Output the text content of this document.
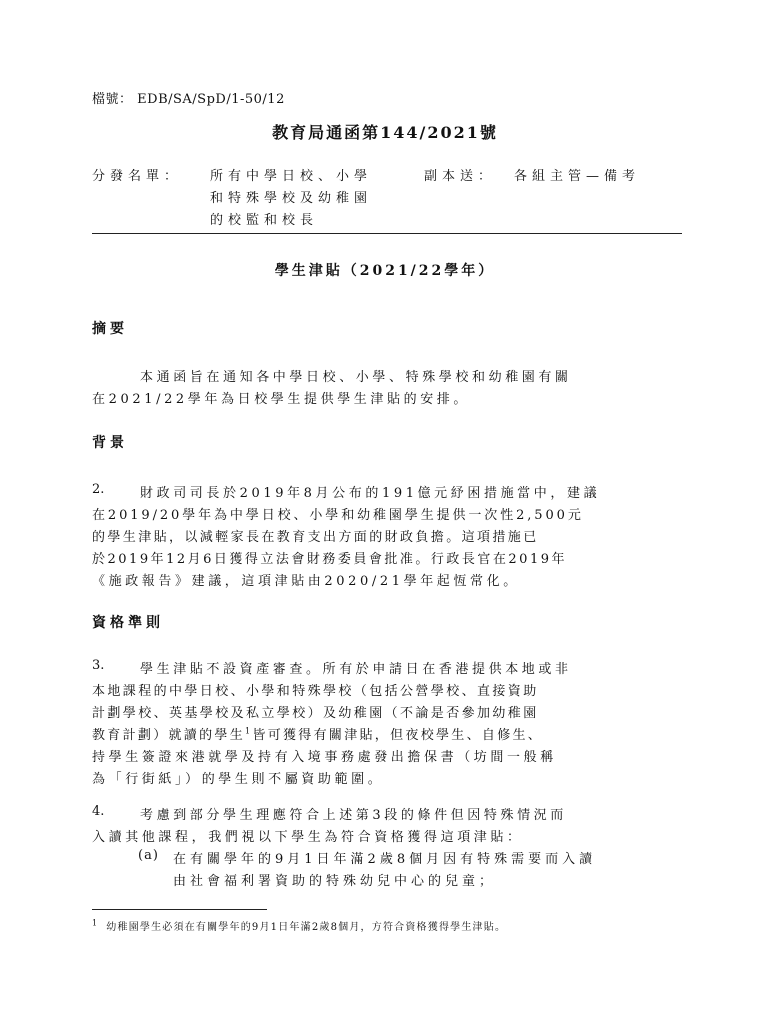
檔號： EDB/SA/SpD/1-50/12
教育局通函第144/2021號
分發名單： 所有中學日校、小學
和特殊學校及幼稚園
的校監和校長
副本送： 各組主管—備考
學生津貼（2021/22學年）
摘要
本通函旨在通知各中學日校、小學、特殊學校和幼稚園有關
在2021/22學年為日校學生提供學生津貼的安排。
背景
2.	財政司司長於2019年8月公布的191億元紓困措施當中，建議
在2019/20學年為中學日校、小學和幼稚園學生提供一次性2,500元
的學生津貼，以減輕家長在教育支出方面的財政負擔。這項措施已
於2019年12月6日獲得立法會財務委員會批准。行政長官在2019年
《施政報告》建議，這項津貼由2020/21學年起恆常化。
資格準則
3.	學生津貼不設資產審查。所有於申請日在香港提供本地或非
本地課程的中學日校、小學和特殊學校（包括公營學校、直接資助
計劃學校、英基學校及私立學校）及幼稚園（不論是否參加幼稚園
教育計劃）就讀的學生$^1$皆可獲得有關津貼，但夜校學生、自修生、
持學生簽證來港就學及持有入境事務處發出擔保書（坊間一般稱
為「行街紙」）的學生則不屬資助範圍。
4.	考慮到部分學生理應符合上述第3段的條件但因特殊情況而
入讀其他課程，我們視以下學生為符合資格獲得這項津貼：
(a) 在有關學年的9月1日年滿2歲8個月因有特殊需要而入讀
由社會福利署資助的特殊幼兒中心的兒童；
$^1$ 幼稚園學生必須在有關學年的9月1日年滿2歲8個月，方符合資格獲得學生津貼。
